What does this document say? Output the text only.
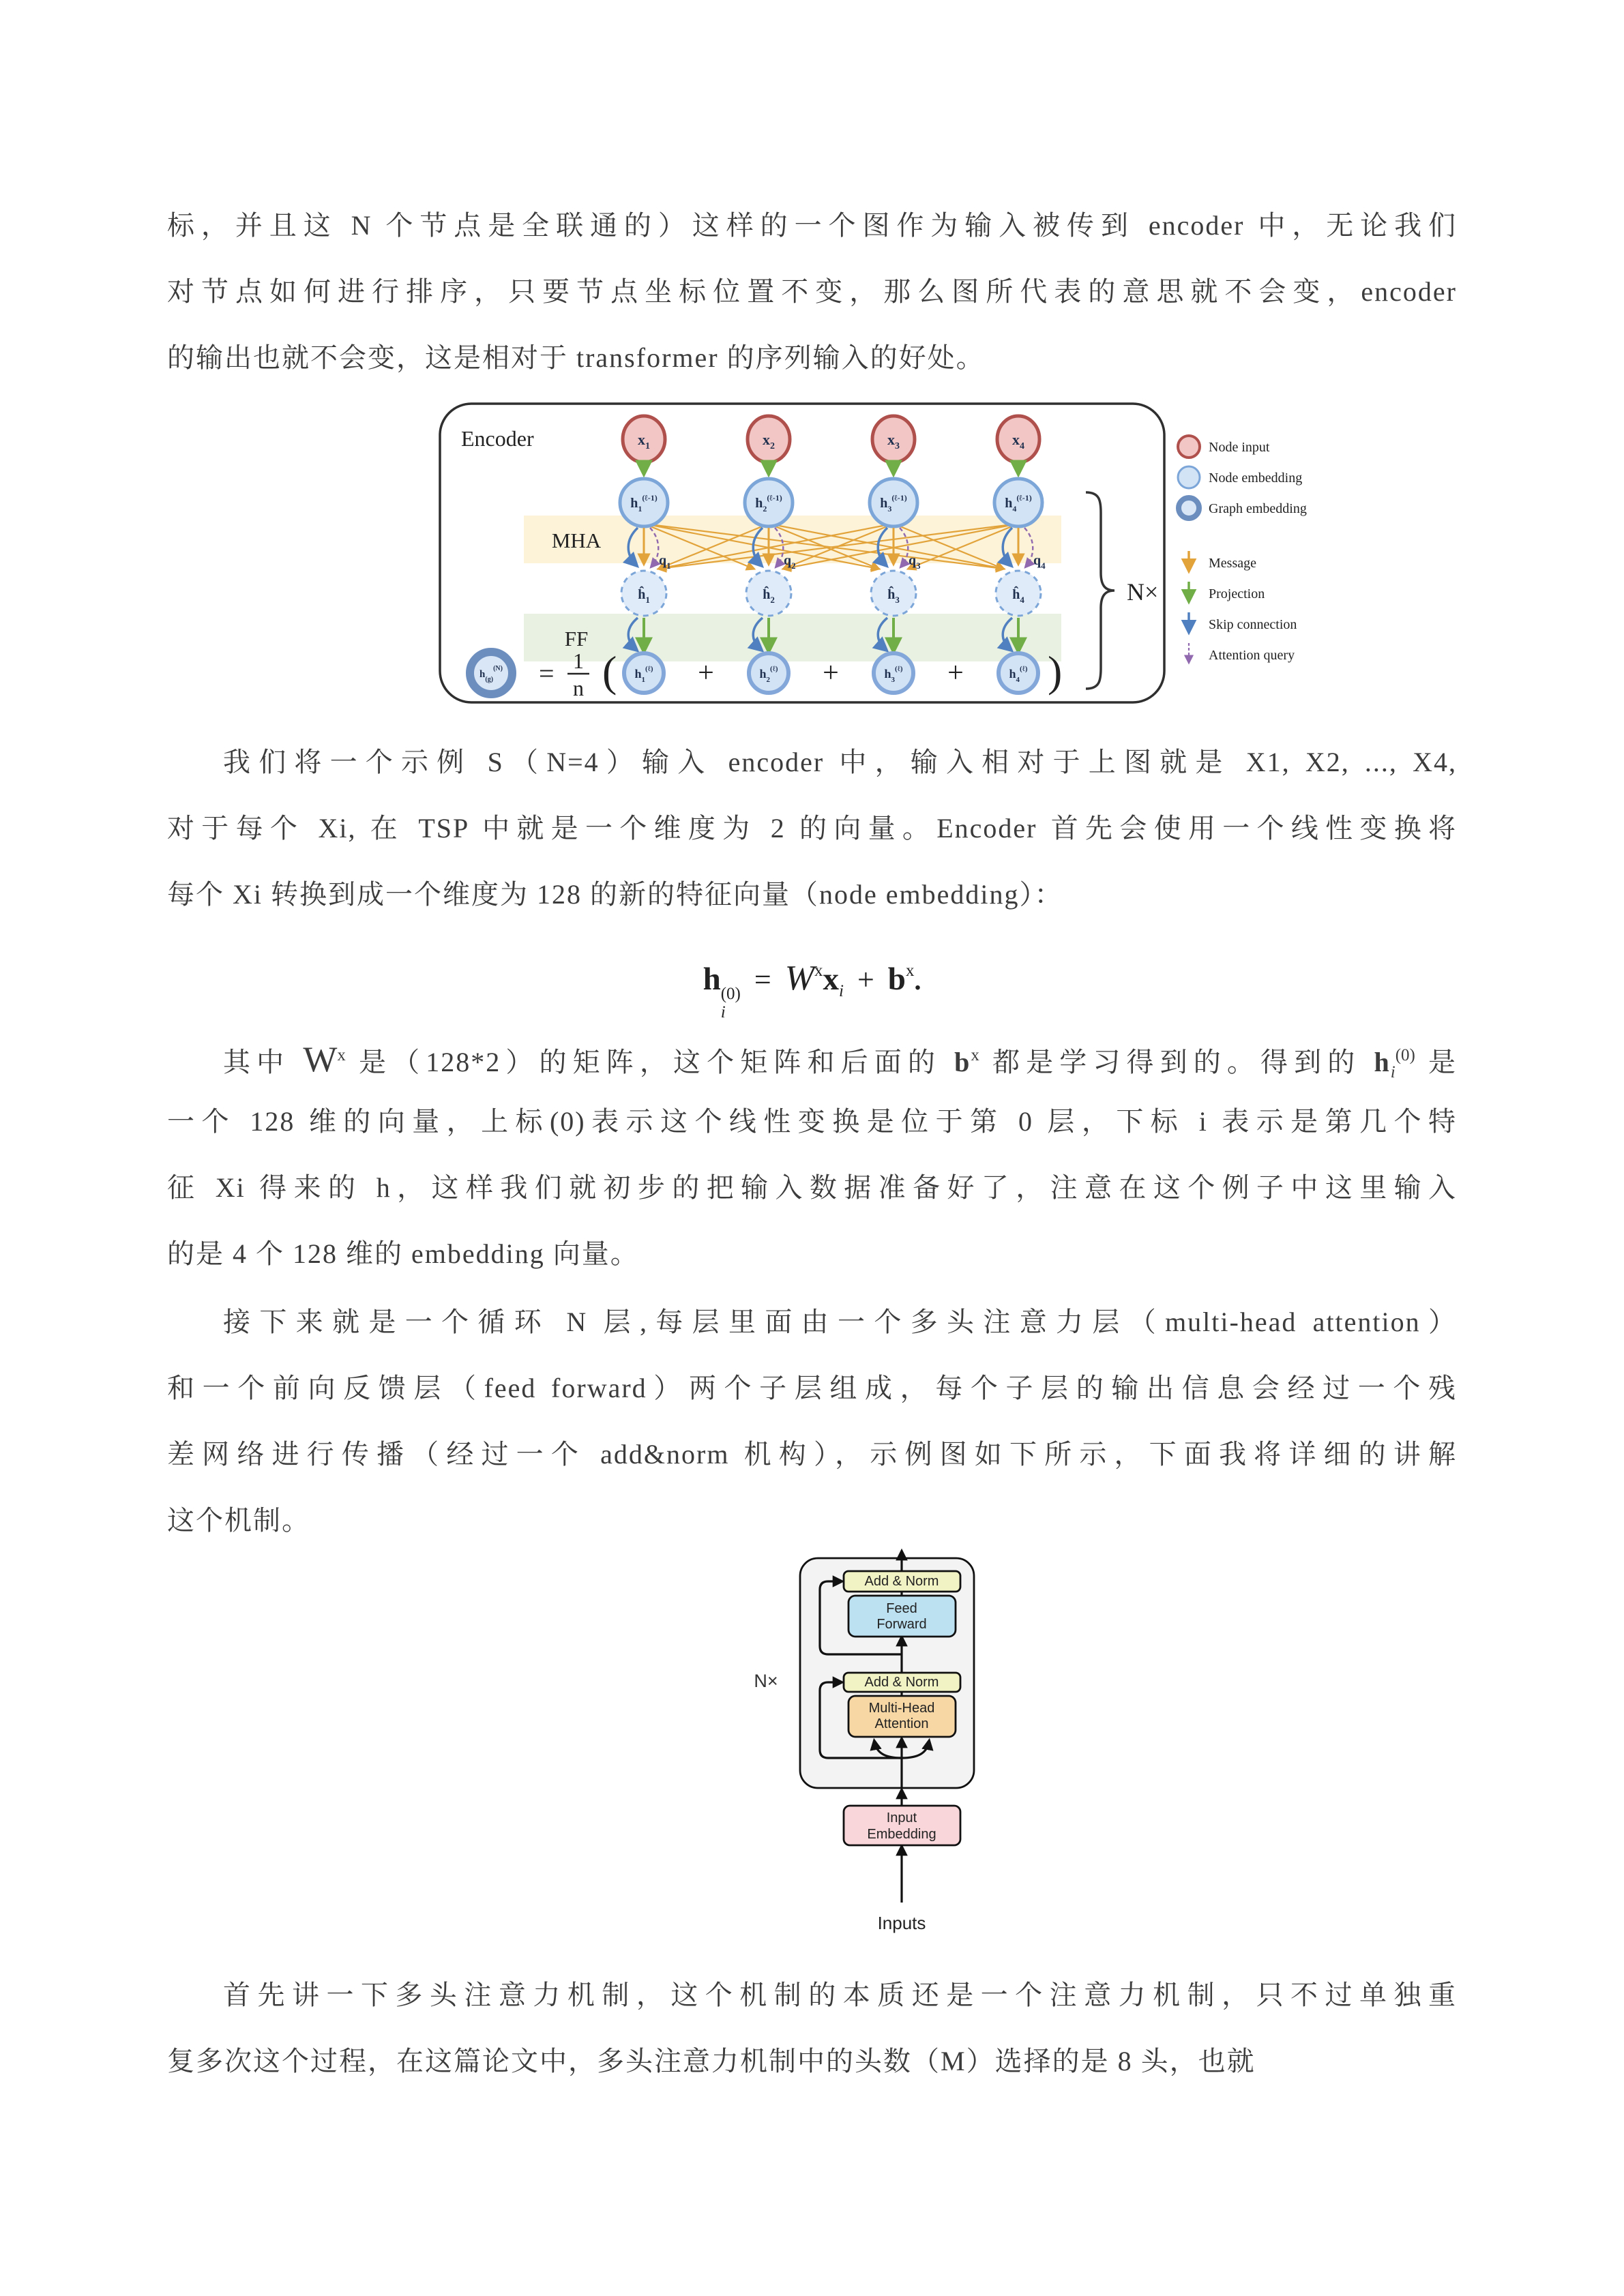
标，并且这 N 个节点是全联通的）这样的一个图作为输入被传到 encoder 中，无论我们
对节点如何进行排序，只要节点坐标位置不变，那么图所代表的意思就不会变，encoder
的输出也就不会变，这是相对于 transformer 的序列输入的好处。
Encoder
MHA
FF
$x_1$
$h_1^{(\ell-1)}$
$q_1$
$ĥ_1$
$h_1^{(\ell)}$
$x_2$
$h_2^{(\ell-1)}$
$q_2$
$ĥ_2$
$h_2^{(\ell)}$
$x_3$
$h_3^{(\ell-1)}$
$q_3$
$ĥ_3$
$h_3^{(\ell)}$
$x_4$
$h_4^{(\ell-1)}$
$q_4$
$ĥ_4$
$h_4^{(\ell)}$
$h_{(g)}^{(N)} = 1$
n (	+	+	+ )
N×
Node input
Node embedding
Graph embedding
Message
Projection
Skip connection
Attention query
我们将一个示例 S（N=4）输入 encoder 中，输入相对于上图就是 X1, X2, ..., X4,
对于每个 Xi, 在 TSP 中就是一个维度为 2 的向量。Encoder 首先会使用一个线性变换将
每个 Xi 转换到成一个维度为 128 的新的特征向量（node embedding）：
h (0)
i
= Wxxi + bx.
其中 $W^x$ 是（128*2）的矩阵，这个矩阵和后面的 $b^x$ 都是学习得到的。得到的 $h_i^{(0)}$ 是
一个 128 维的向量，上标(0)表示这个线性变换是位于第 0 层，下标 i 表示是第几个特
征 Xi 得来的 h，这样我们就初步的把输入数据准备好了，注意在这个例子中这里输入
的是 4 个 128 维的 embedding 向量。
接下来就是一个循环 N 层,每层里面由一个多头注意力层（multi-head attention）
和一个前向反馈层（feed forward）两个子层组成，每个子层的输出信息会经过一个残
差网络进行传播（经过一个 add&norm 机构），示例图如下所示，下面我将详细的讲解
这个机制。
Add & Norm
Feed
Forward
Add & Norm
Multi-Head
Attention
Input
Embedding
N×
Inputs
首先讲一下多头注意力机制，这个机制的本质还是一个注意力机制，只不过单独重
复多次这个过程，在这篇论文中，多头注意力机制中的头数（M）选择的是 8 头，也就
